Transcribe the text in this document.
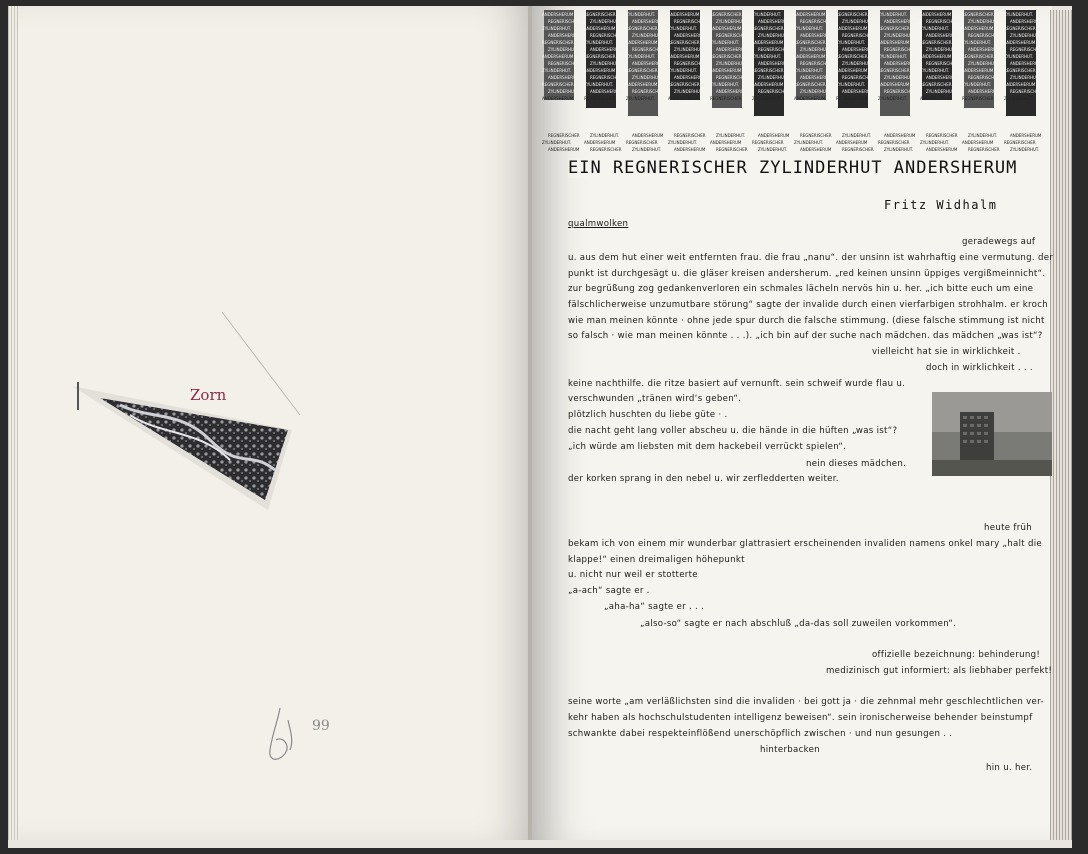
Zorn
99
ANDERSHERUM
REGNERISCHER
ZYLINDERHUT.
ANDERSHERUM
REGNERISCHER
ZYLINDERHUT.
ANDERSHERUM
REGNERISCHER
ZYLINDERHUT.
ANDERSHERUM
REGNERISCHER
ZYLINDERHUT.
ANDERSHERUM
REGNERISCHER
ZYLINDERHUT.
ANDERSHERUM
REGNERISCHER
ZYLINDERHUT.
ANDERSHERUM
REGNERISCHER
ZYLINDERHUT.
ANDERSHERUM
REGNERISCHER
ZYLINDERHUT.
ANDERSHERUM
REGNERISCHER
ZYLINDERHUT.
ANDERSHERUM
REGNERISCHER
ZYLINDERHUT.
ANDERSHERUM
REGNERISCHER
ZYLINDERHUT.
ANDERSHERUM
REGNERISCHER
ZYLINDERHUT.
ANDERSHERUM
REGNERISCHER
ZYLINDERHUT.
ANDERSHERUM
REGNERISCHER
ZYLINDERHUT.
ANDERSHERUM
REGNERISCHER
ZYLINDERHUT.
ANDERSHERUM
REGNERISCHER
ZYLINDERHUT.
ANDERSHERUM
REGNERISCHER
ZYLINDERHUT.
ANDERSHERUM
REGNERISCHER
ZYLINDERHUT.
ANDERSHERUM
REGNERISCHER
ZYLINDERHUT.
ANDERSHERUM
REGNERISCHER
ZYLINDERHUT.
ANDERSHERUM
REGNERISCHER
ZYLINDERHUT.
ANDERSHERUM
REGNERISCHER
ZYLINDERHUT.
ANDERSHERUM
REGNERISCHER
ZYLINDERHUT.
ANDERSHERUM
REGNERISCHER
ZYLINDERHUT.
ANDERSHERUM
REGNERISCHER
ZYLINDERHUT.
ANDERSHERUM
REGNERISCHER
ZYLINDERHUT.
ANDERSHERUM
REGNERISCHER
ZYLINDERHUT.
ANDERSHERUM
REGNERISCHER
ZYLINDERHUT.
ANDERSHERUM
REGNERISCHER
ZYLINDERHUT.
ANDERSHERUM
REGNERISCHER
ZYLINDERHUT.
ANDERSHERUM
REGNERISCHER
ZYLINDERHUT.
ANDERSHERUM
REGNERISCHER
ZYLINDERHUT.
ANDERSHERUM
REGNERISCHER
ZYLINDERHUT.
ANDERSHERUM
REGNERISCHER
ZYLINDERHUT.
ANDERSHERUM
REGNERISCHER
ZYLINDERHUT.
ANDERSHERUM
REGNERISCHER
ZYLINDERHUT.
ANDERSHERUM
REGNERISCHER
ZYLINDERHUT.
ANDERSHERUM
REGNERISCHER
ZYLINDERHUT.
ANDERSHERUM
REGNERISCHER
ZYLINDERHUT.
ANDERSHERUM
REGNERISCHER
ZYLINDERHUT.
ANDERSHERUM
REGNERISCHER
ZYLINDERHUT.
ANDERSHERUM
REGNERISCHER
ZYLINDERHUT.
ANDERSHERUM
REGNERISCHER
ZYLINDERHUT.
ANDERSHERUM
REGNERISCHER
ZYLINDERHUT.
ANDERSHERUM
REGNERISCHER
ZYLINDERHUT.
ANDERSHERUM
REGNERISCHER
ZYLINDERHUT.
ANDERSHERUM
REGNERISCHER
ZYLINDERHUT.
ANDERSHERUM
REGNERISCHER
ZYLINDERHUT.
ANDERSHERUM
REGNERISCHER
ZYLINDERHUT.
ANDERSHERUM
REGNERISCHER
ZYLINDERHUT.
ANDERSHERUM
REGNERISCHER
ZYLINDERHUT.
ANDERSHERUM
REGNERISCHER
ZYLINDERHUT.
ANDERSHERUM
REGNERISCHER
ZYLINDERHUT.
ANDERSHERUM
REGNERISCHER
ZYLINDERHUT.
ANDERSHERUM
REGNERISCHER
ZYLINDERHUT.
ANDERSHERUM
REGNERISCHER
ZYLINDERHUT.
ANDERSHERUM
REGNERISCHER
ZYLINDERHUT.
ANDERSHERUM
REGNERISCHER
ZYLINDERHUT.
ANDERSHERUM
REGNERISCHER
ZYLINDERHUT.
ANDERSHERUM
REGNERISCHER
ZYLINDERHUT.
ANDERSHERUM
REGNERISCHER
ZYLINDERHUT.
ANDERSHERUM
REGNERISCHER
ZYLINDERHUT.
ANDERSHERUM
REGNERISCHER
ZYLINDERHUT.
ANDERSHERUM
REGNERISCHER
ZYLINDERHUT.
EIN REGNERISCHER ZYLINDERHUT ANDERSHERUM
Fritz Widhalm
qualmwolken
geradewegs auf
u. aus dem hut einer weit entfernten frau. die frau „nanu“. der unsinn ist wahrhaftig eine vermutung. der
punkt ist durchgesägt u. die gläser kreisen andersherum. „red keinen unsinn üppiges vergißmeinnicht“.
zur begrüßung zog gedankenverloren ein schmales lächeln nervös hin u. her. „ich bitte euch um eine
fälschlicherweise unzumutbare störung“ sagte der invalide durch einen vierfarbigen strohhalm. er kroch
wie man meinen könnte · ohne jede spur durch die falsche stimmung. (diese falsche stimmung ist nicht
so falsch · wie man meinen könnte . . .). „ich bin auf der suche nach mädchen. das mädchen „was ist“?
vielleicht hat sie in wirklichkeit .
doch in wirklichkeit . . .
keine nachthilfe. die ritze basiert auf vernunft. sein schweif wurde flau u.
verschwunden „tränen wird‘s geben“.
plötzlich huschten du liebe güte · .
die nacht geht lang voller abscheu u. die hände in die hüften „was ist“?
„ich würde am liebsten mit dem hackebeil verrückt spielen“.
nein dieses mädchen.
der korken sprang in den nebel u. wir zerfledderten weiter.
heute früh
bekam ich von einem mir wunderbar glattrasiert erscheinenden invaliden namens onkel mary „halt die
klappe!“ einen dreimaligen höhepunkt
u. nicht nur weil er stotterte
„a-ach“ sagte er .
„aha-ha“ sagte er . . .
„also-so“ sagte er nach abschluß „da-das soll zuweilen vorkommen“.
offizielle bezeichnung: behinderung!
medizinisch gut informiert: als liebhaber perfekt!
seine worte „am verläßlichsten sind die invaliden · bei gott ja · die zehnmal mehr geschlechtlichen ver-
kehr haben als hochschulstudenten intelligenz beweisen“. sein ironischerweise behender beinstumpf
schwankte dabei respekteinflößend unerschöpflich zwischen · und nun gesungen . .
hinterbacken
hin u. her.
